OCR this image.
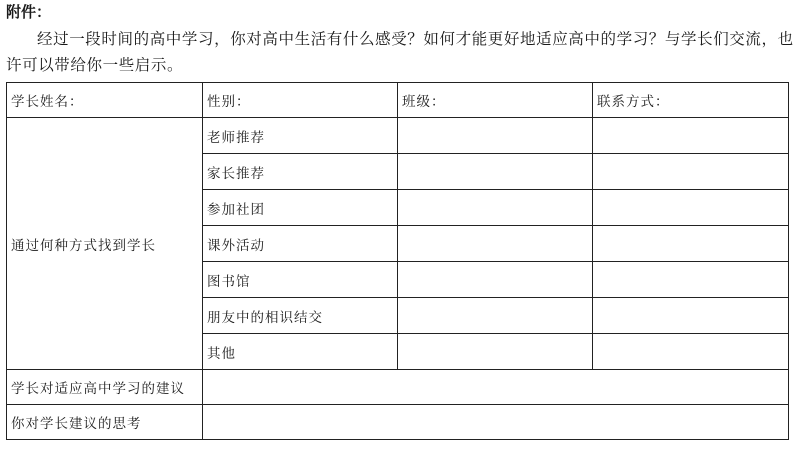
附件：

经过一段时间的高中学习，你对高中生活有什么感受？如何才能更好地适应高中的学习？与学长们交流，也许可以带给你一些启示。

学长姓名：	性别：	班级：	联系方式：
通过何种方式找到学长	老师推荐		
	家长推荐		
	参加社团		
	课外活动		
	图书馆		
	朋友中的相识结交		
	其他		
学长对适应高中学习的建议			
你对学长建议的思考			
